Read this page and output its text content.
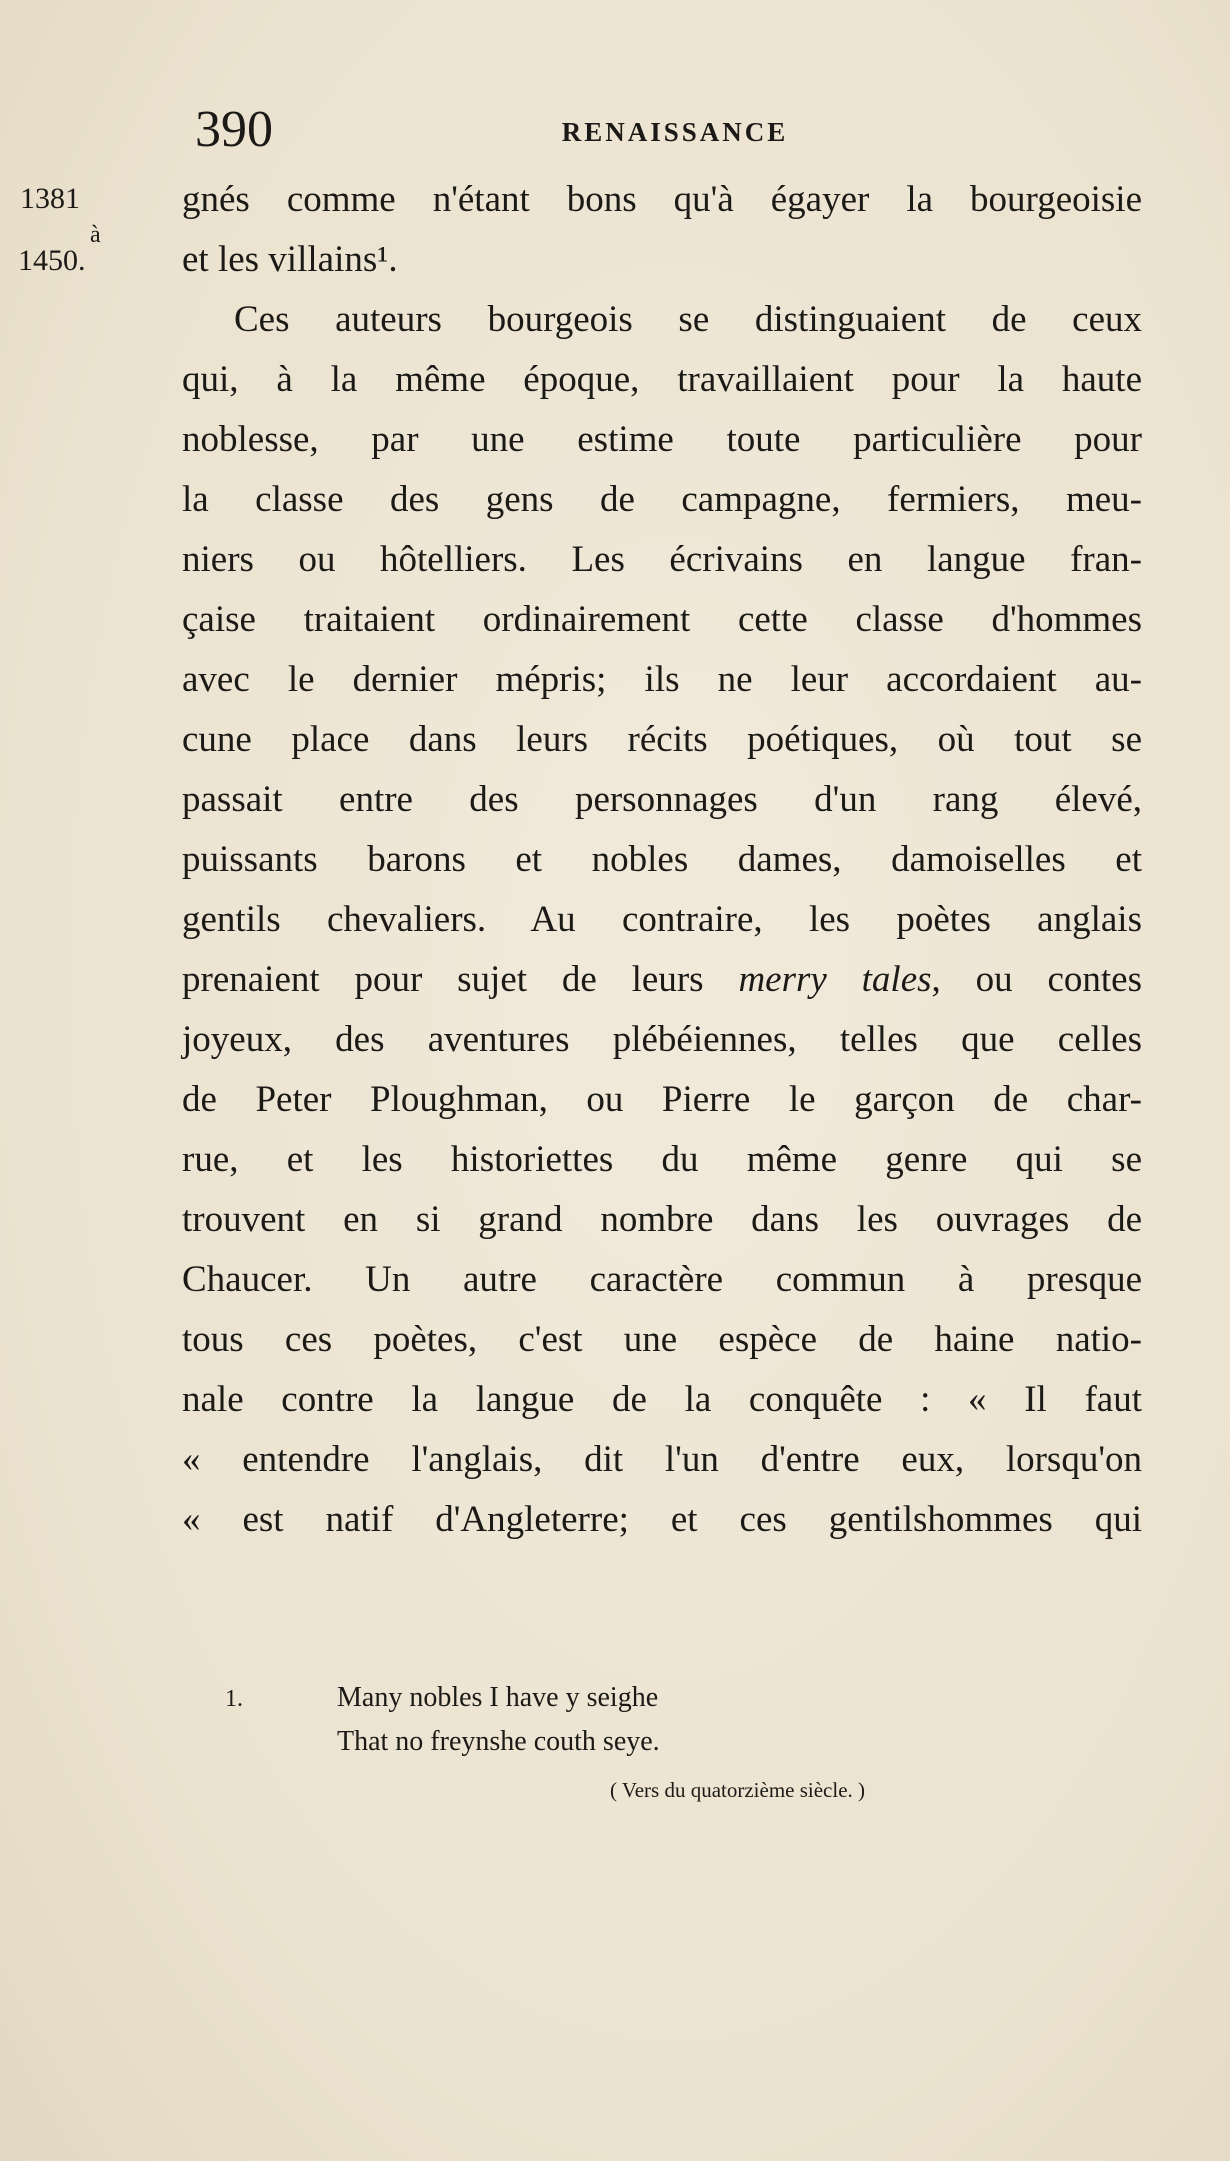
390	RENAISSANCE
1381
à
1450.
gnés comme n'étant bons qu'à égayer la bourgeoisie
et les villains¹.
Ces auteurs bourgeois se distinguaient de ceux
qui, à la même époque, travaillaient pour la haute
noblesse, par une estime toute particulière pour
la classe des gens de campagne, fermiers, meu-
niers ou hôtelliers. Les écrivains en langue fran-
çaise traitaient ordinairement cette classe d'hommes
avec le dernier mépris; ils ne leur accordaient au-
cune place dans leurs récits poétiques, où tout se
passait entre des personnages d'un rang élevé,
puissants barons et nobles dames, damoiselles et
gentils chevaliers. Au contraire, les poètes anglais
prenaient pour sujet de leurs merry tales, ou contes
joyeux, des aventures plébéiennes, telles que celles
de Peter Ploughman, ou Pierre le garçon de char-
rue, et les historiettes du même genre qui se
trouvent en si grand nombre dans les ouvrages de
Chaucer. Un autre caractère commun à presque
tous ces poètes, c'est une espèce de haine natio-
nale contre la langue de la conquête : « Il faut
« entendre l'anglais, dit l'un d'entre eux, lorsqu'on
« est natif d'Angleterre; et ces gentilshommes qui
1.	Many nobles I have y seighe
That no freynshe couth seye.
( Vers du quatorzième siècle. )
